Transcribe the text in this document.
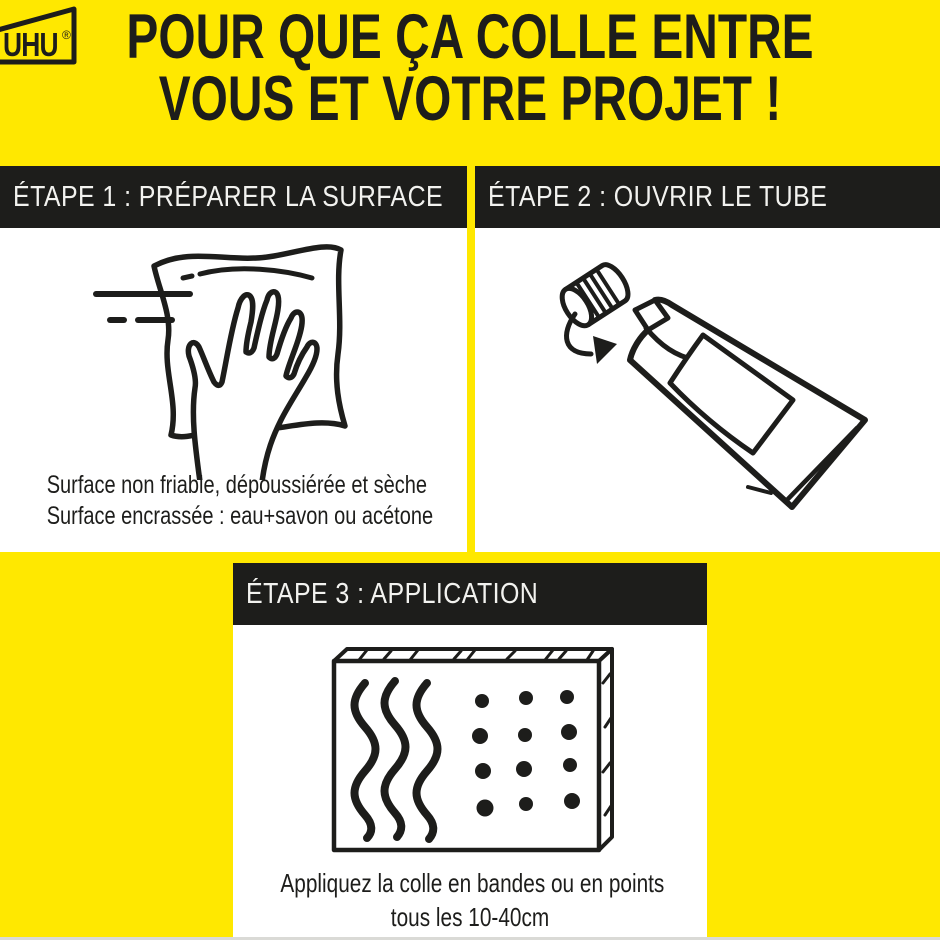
UHU ® POUR QUE ÇA COLLE ENTRE
VOUS ET VOTRE PROJET !
ÉTAPE 1 : PRÉPARER LA SURFACE
Surface non friable, dépoussiérée et sèche
Surface encrassée : eau+savon ou acétone
ÉTAPE 2 : OUVRIR LE TUBE
ÉTAPE 3 : APPLICATION
Appliquez la colle en bandes ou en points
tous les 10-40cm
